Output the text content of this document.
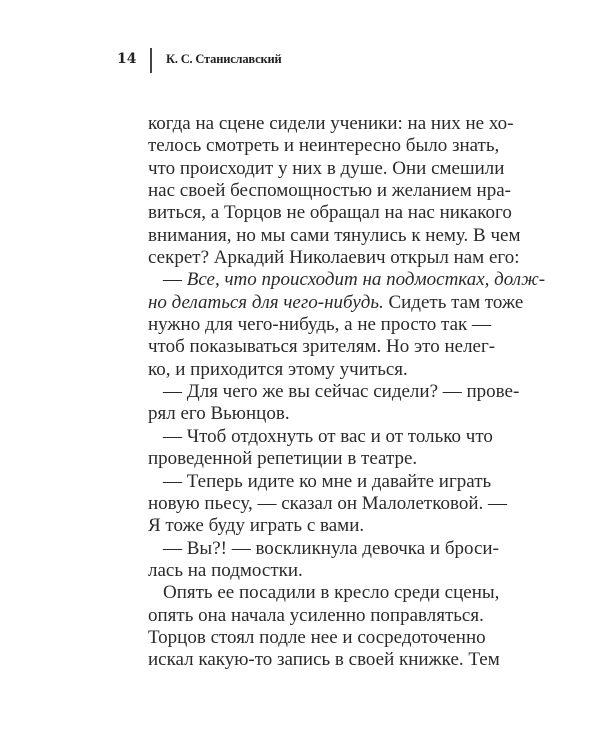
14 К. С. Станиславский
когда на сцене сидели ученики: на них не хо-
телось смотреть и неинтересно было знать,
что происходит у них в душе. Они смешили
нас своей беспомощностью и желанием нра-
виться, а Торцов не обращал на нас никакого
внимания, но мы сами тянулись к нему. В чем
секрет? Аркадий Николаевич открыл нам его:
— Все, что происходит на подмостках, долж-
но делаться для чего-нибудь. Сидеть там тоже
нужно для чего-нибудь, а не просто так —
чтоб показываться зрителям. Но это нелег-
ко, и приходится этому учиться.
— Для чего же вы сейчас сидели? — прове-
рял его Вьюнцов.
— Чтоб отдохнуть от вас и от только что
проведенной репетиции в театре.
— Теперь идите ко мне и давайте играть
новую пьесу, — сказал он Малолетковой. —
Я тоже буду играть с вами.
— Вы?! — воскликнула девочка и броси-
лась на подмостки.
Опять ее посадили в кресло среди сцены,
опять она начала усиленно поправляться.
Торцов стоял подле нее и сосредоточенно
искал какую-то запись в своей книжке. Тем
